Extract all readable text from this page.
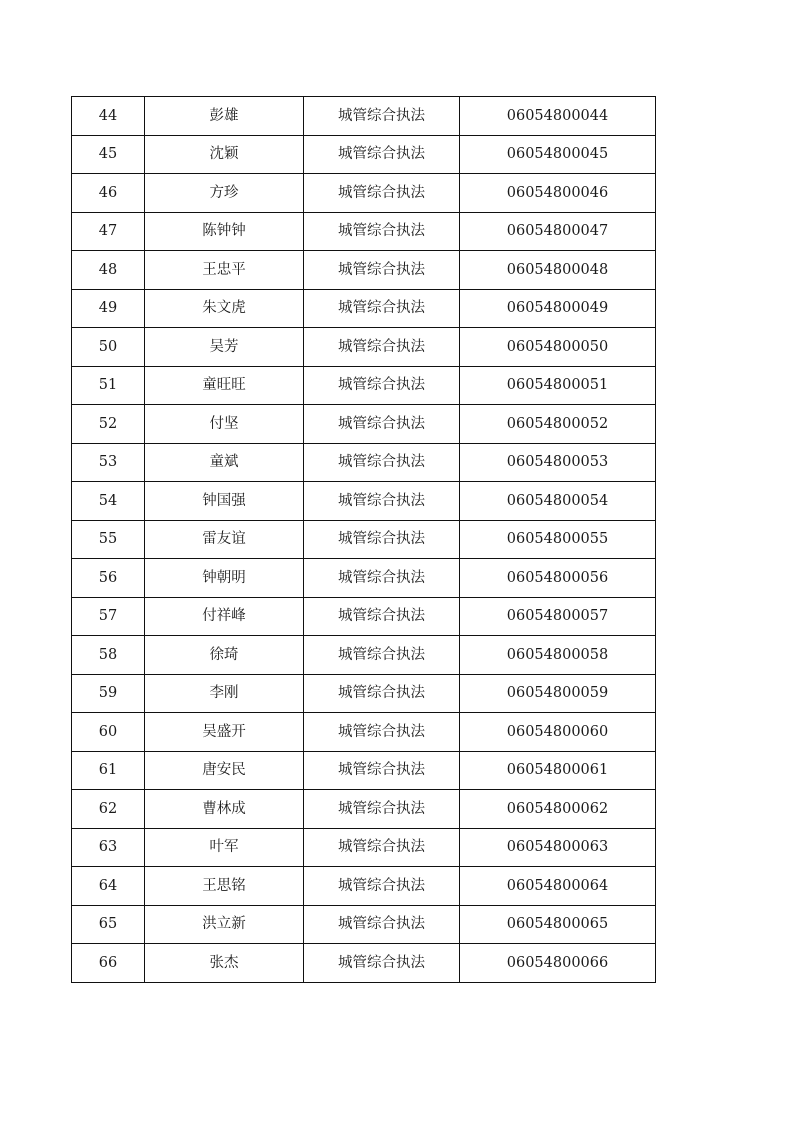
44	彭雄	城管综合执法	06054800044
45	沈颖	城管综合执法	06054800045
46	方珍	城管综合执法	06054800046
47	陈钟钟	城管综合执法	06054800047
48	王忠平	城管综合执法	06054800048
49	朱文虎	城管综合执法	06054800049
50	吴芳	城管综合执法	06054800050
51	童旺旺	城管综合执法	06054800051
52	付坚	城管综合执法	06054800052
53	童斌	城管综合执法	06054800053
54	钟国强	城管综合执法	06054800054
55	雷友谊	城管综合执法	06054800055
56	钟朝明	城管综合执法	06054800056
57	付祥峰	城管综合执法	06054800057
58	徐琦	城管综合执法	06054800058
59	李刚	城管综合执法	06054800059
60	吴盛开	城管综合执法	06054800060
61	唐安民	城管综合执法	06054800061
62	曹林成	城管综合执法	06054800062
63	叶军	城管综合执法	06054800063
64	王思铭	城管综合执法	06054800064
65	洪立新	城管综合执法	06054800065
66	张杰	城管综合执法	06054800066
